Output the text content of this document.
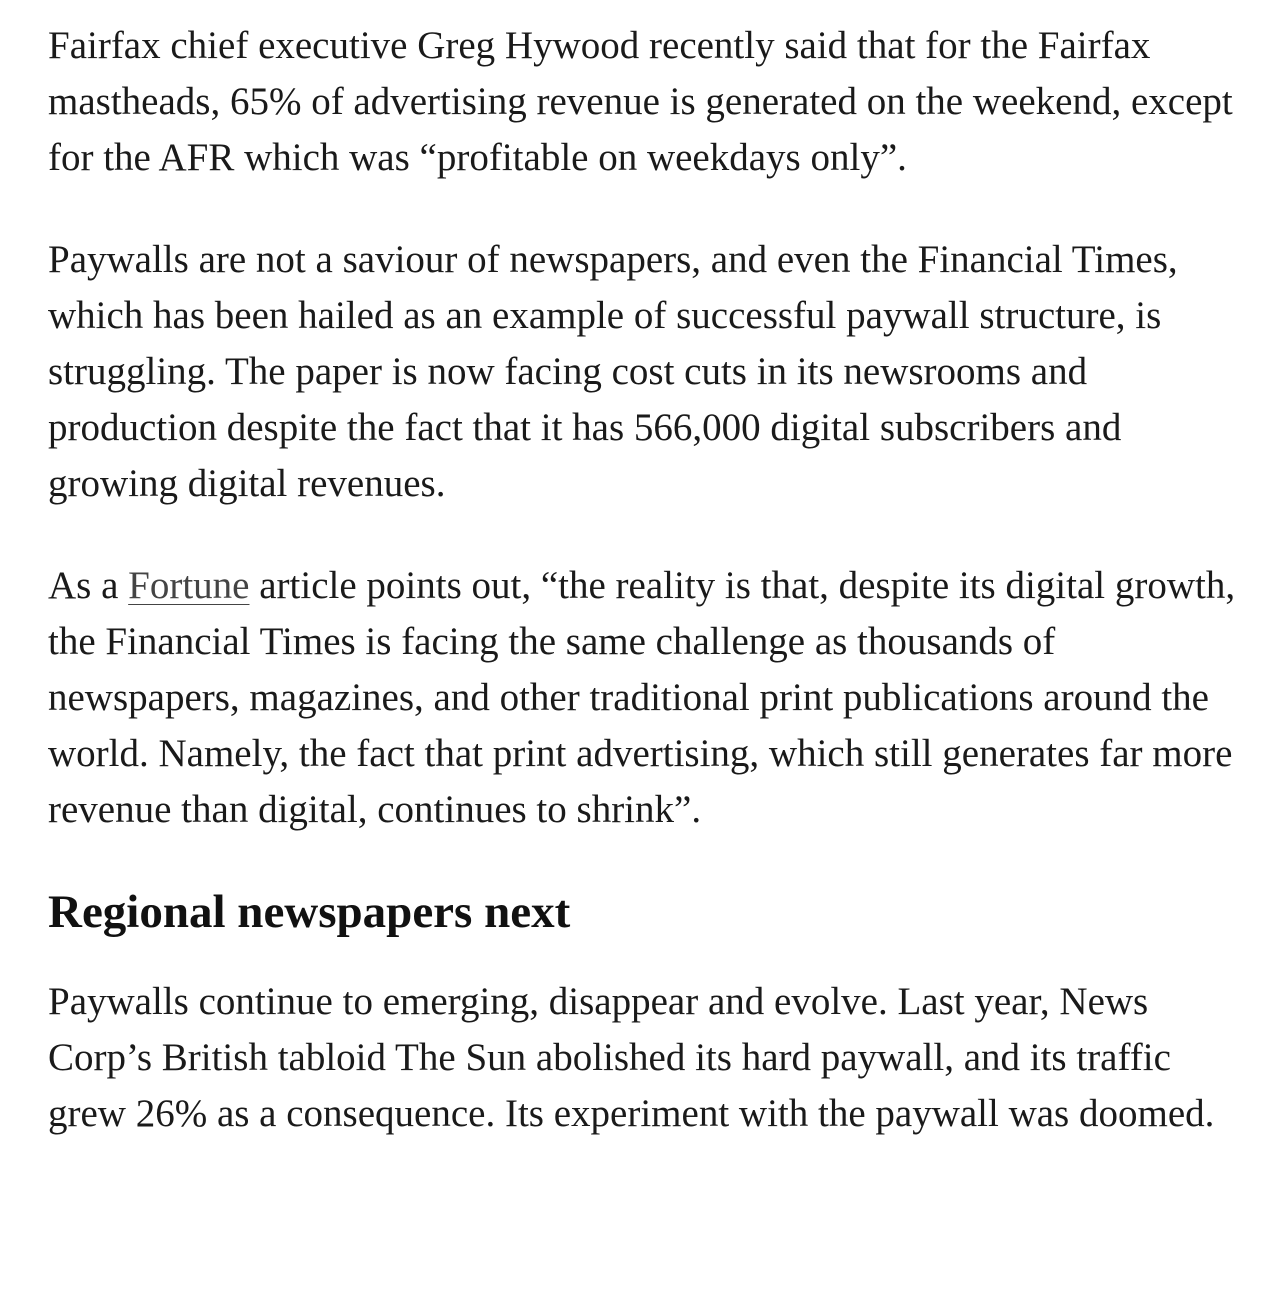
Fairfax chief executive Greg Hywood recently said that for the Fairfax mastheads, 65% of advertising revenue is generated on the weekend, except for the AFR which was “profitable on weekdays only”.

Paywalls are not a saviour of newspapers, and even the Financial Times, which has been hailed as an example of successful paywall structure, is struggling. The paper is now facing cost cuts in its newsrooms and production despite the fact that it has 566,000 digital subscribers and growing digital revenues.

As a Fortune article points out, “the reality is that, despite its digital growth, the Financial Times is facing the same challenge as thousands of newspapers, magazines, and other traditional print publications around the world. Namely, the fact that print advertising, which still generates far more revenue than digital, continues to shrink”.

Regional newspapers next

Paywalls continue to emerging, disappear and evolve. Last year, News Corp’s British tabloid The Sun abolished its hard paywall, and its traffic grew 26% as a consequence. Its experiment with the paywall was doomed.
